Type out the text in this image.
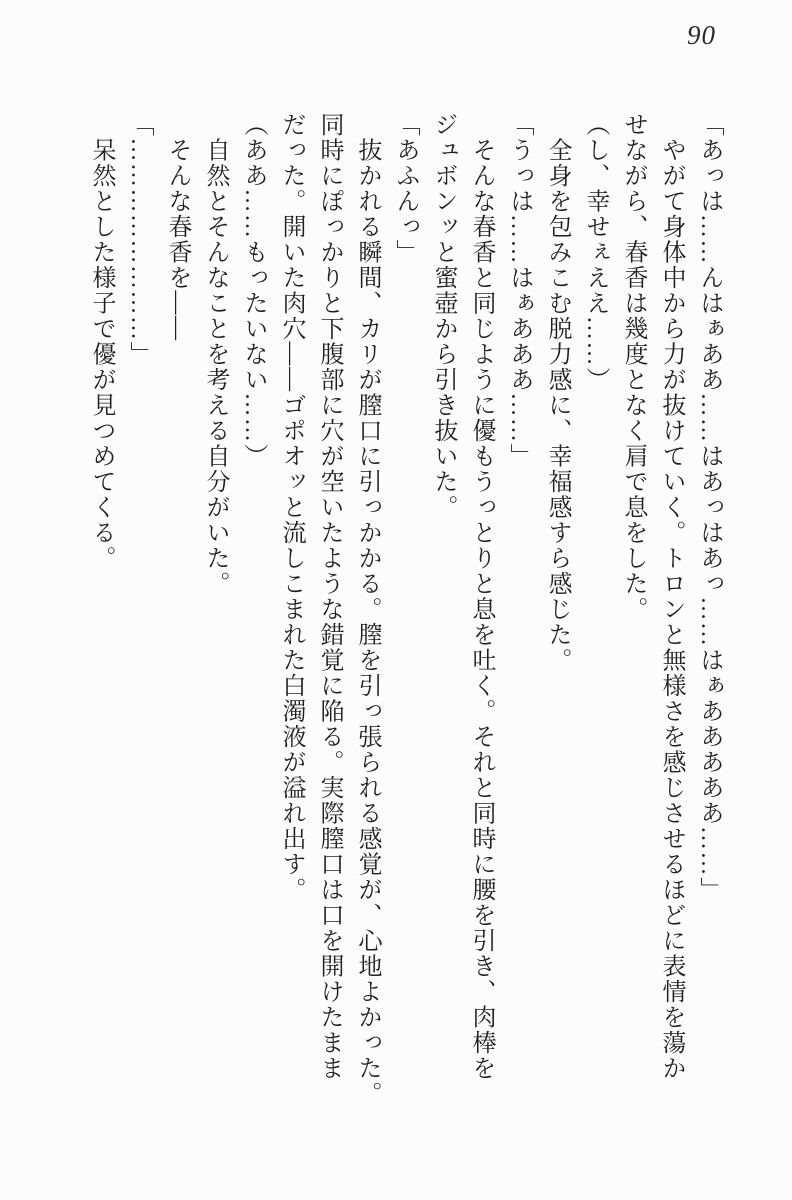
90

「あっは……んはぁああ……はあっはあっ……はぁあああああ……」

　やがて身体中から力が抜けていく。トロンと無様さを感じさせるほどに表情を蕩か

せながら、春香は幾度となく肩で息をした。

（し、幸せぇええ……）

　全身を包みこむ脱力感に、幸福感すら感じた。

「うっは……はぁあああ……」

　そんな春香と同じように優もうっとりと息を吐く。それと同時に腰を引き、肉棒を

ジュボンッと蜜壺から引き抜いた。

「あふんっ」

　抜かれる瞬間、カリが膣口に引っかかる。膣を引っ張られる感覚が、心地よかった。

同時にぽっかりと下腹部に穴が空いたような錯覚に陥る。実際膣口は口を開けたまま

だった。開いた肉穴――ゴポオッと流しこまれた白濁液が溢れ出す。

（ああ……もったいない……）

　自然とそんなことを考える自分がいた。

　そんな春香を――

「……………………」

　呆然とした様子で優が見つめてくる。
